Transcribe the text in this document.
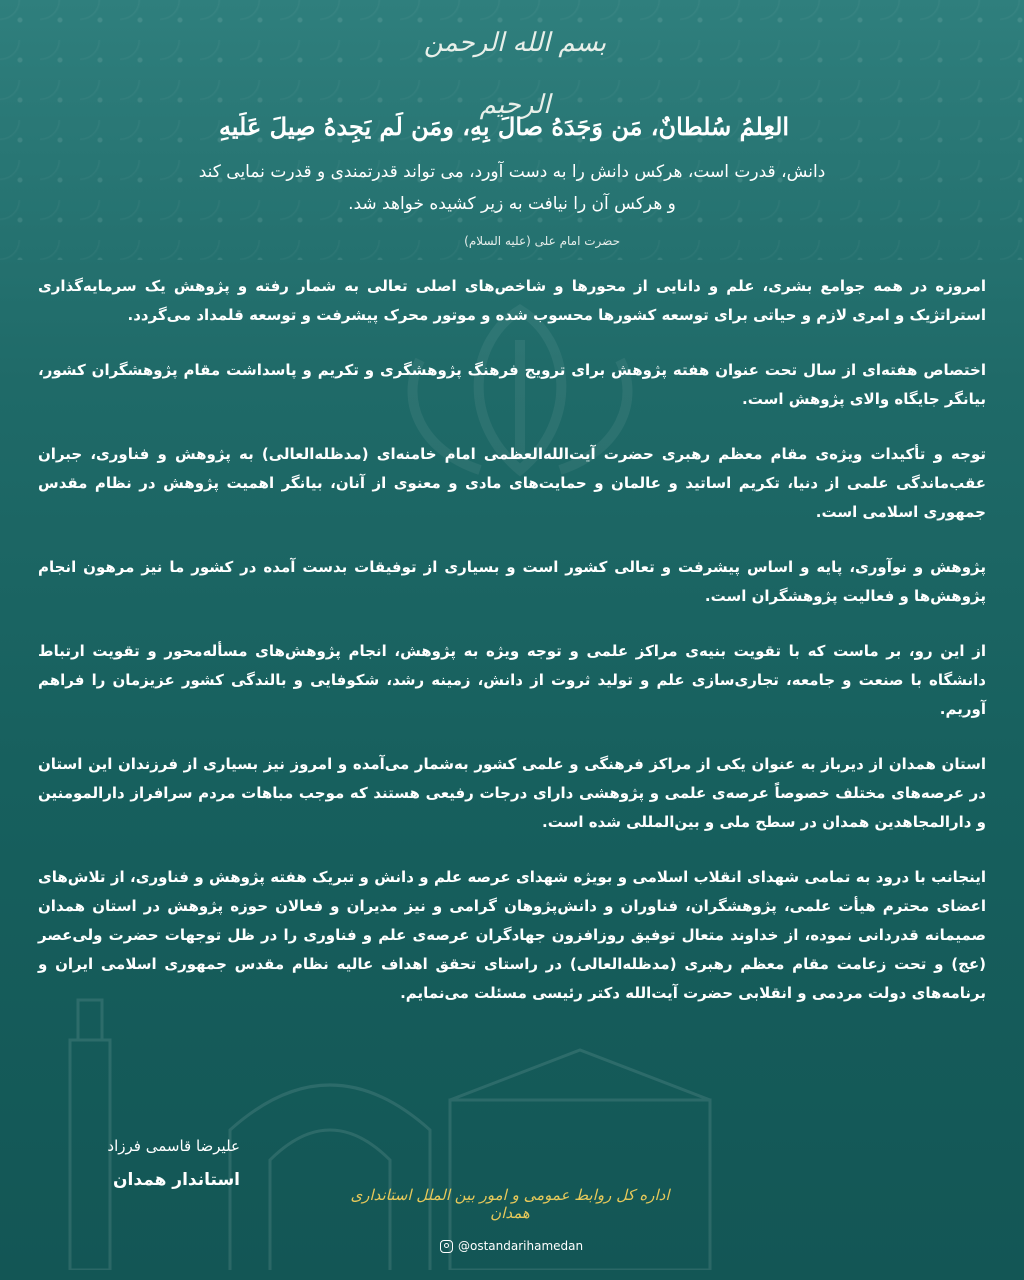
بسم الله الرحمن الرحيم
العِلمُ سُلطانٌ، مَن وَجَدَهُ صالَ بِهِ، ومَن لَم يَجِدهُ صِيلَ عَلَيهِ
دانش، قدرت است، هرکس دانش را به دست آورد، می تواند قدرتمندی و قدرت نمایی کند
و هرکس آن را نیافت به زیر کشیده خواهد شد.
حضرت امام علی (علیه السلام)

امروزه در همه جوامع بشری، علم و دانایی از محورها و شاخص‌های اصلی تعالی به شمار رفته و پژوهش یک سرمایه‌گذاری استراتژیک و امری لازم و حیاتی برای توسعه کشورها محسوب شده و موتور محرک پیشرفت و توسعه قلمداد می‌گردد.

اختصاص هفته‌ای از سال تحت عنوان هفته پژوهش برای ترویج فرهنگ پژوهشگری و تکریم و پاسداشت مقام پژوهشگران کشور، بیانگر جایگاه والای پژوهش است.

توجه و تأکیدات ویژه‌ی مقام معظم رهبری حضرت آیت‌الله‌العظمی امام خامنه‌ای (مدظله‌العالی) به پژوهش و فناوری، جبران عقب‌ماندگی علمی از دنیا، تکریم اساتید و عالمان و حمایت‌های مادی و معنوی از آنان، بیانگر اهمیت پژوهش در نظام مقدس جمهوری اسلامی است.

پژوهش و نوآوری، پایه و اساس پیشرفت و تعالی کشور است و بسیاری از توفیقات بدست آمده در کشور ما نیز مرهون انجام پژوهش‌ها و فعالیت پژوهشگران است.

از این رو، بر ماست که با تقویت بنیه‌ی مراکز علمی و توجه ویژه به پژوهش، انجام پژوهش‌های مسأله‌محور و تقویت ارتباط دانشگاه با صنعت و جامعه، تجاری‌سازی علم و تولید ثروت از دانش، زمینه رشد، شکوفایی و بالندگی کشور عزیزمان را فراهم آوریم.

استان همدان از دیرباز به عنوان یکی از مراکز فرهنگی و علمی کشور به‌شمار می‌آمده و امروز نیز بسیاری از فرزندان این استان در عرصه‌های مختلف خصوصاً عرصه‌ی علمی و پژوهشی دارای درجات رفیعی هستند که موجب مباهات مردم سرافراز دارالمومنین و دارالمجاهدین همدان در سطح ملی و بین‌المللی شده است.

اینجانب با درود به تمامی شهدای انقلاب اسلامی و بویژه شهدای عرصه علم و دانش و تبریک هفته پژوهش و فناوری، از تلاش‌های اعضای محترم هیأت علمی، پژوهشگران، فناوران و دانش‌پژوهان گرامی و نیز مدیران و فعالان حوزه پژوهش در استان همدان صمیمانه قدردانی نموده، از خداوند متعال توفیق روزافزون جهادگران عرصه‌ی علم و فناوری را در ظل توجهات حضرت ولی‌عصر (عج) و تحت زعامت مقام معظم رهبری (مدظله‌العالی) در راستای تحقق اهداف عالیه نظام مقدس جمهوری اسلامی ایران و برنامه‌های دولت مردمی و انقلابی حضرت آیت‌الله دکتر رئیسی مسئلت می‌نمایم.

علیرضا قاسمی فرزاد
استاندار همدان
اداره کل روابط عمومی و امور بین الملل استانداری همدان
@ostandarihamedan
